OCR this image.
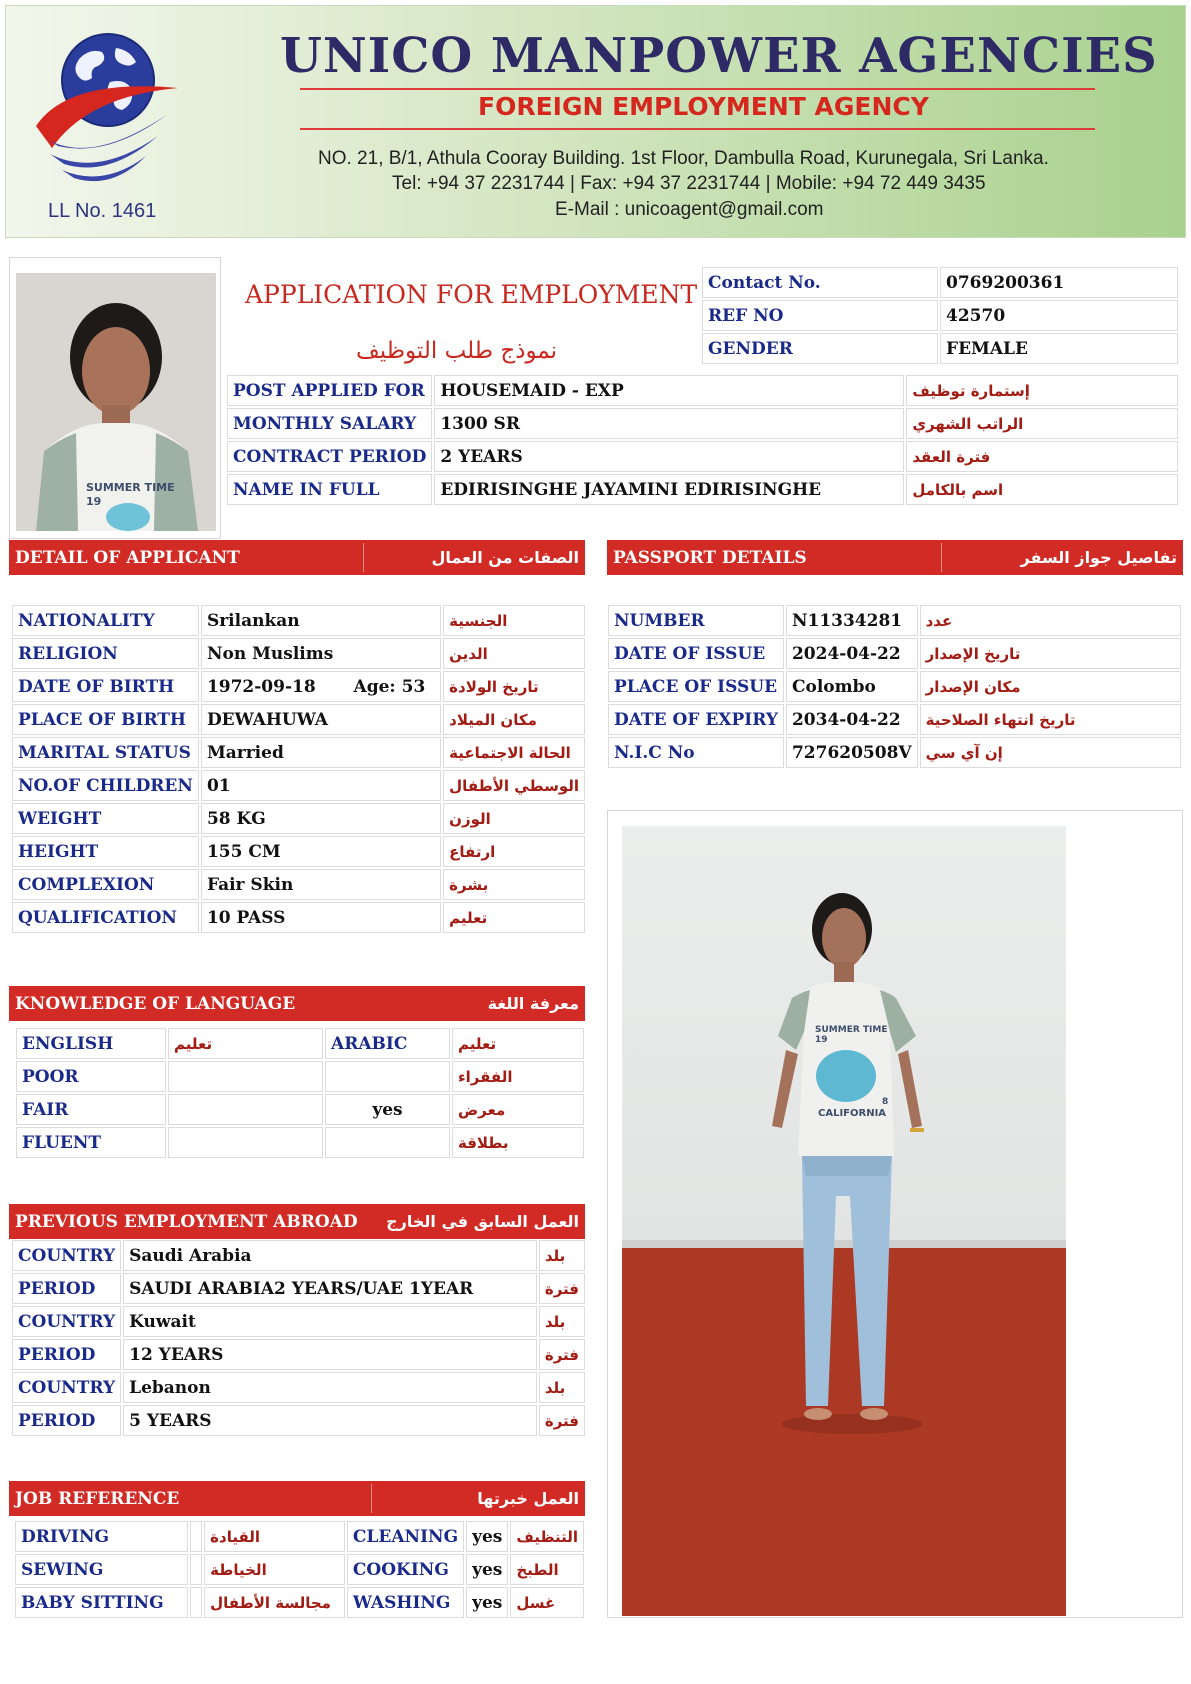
LL No. 1461
UNICO MANPOWER AGENCIES
FOREIGN EMPLOYMENT AGENCY
NO. 21, B/1, Athula Cooray Building. 1st Floor, Dambulla Road, Kurunegala, Sri Lanka.
Tel: +94 37 2231744 | Fax: +94 37 2231744 | Mobile: +94 72 449 3435
E-Mail : unicoagent@gmail.com
SUMMER TIME
19
APPLICATION FOR EMPLOYMENT
نموذج طلب التوظيف
Contact No.	0769200361
REF NO	42570
GENDER	FEMALE
POST APPLIED FOR	HOUSEMAID - EXP	إستمارة توظيف
MONTHLY SALARY	1300 SR	الراتب الشهري
CONTRACT PERIOD	2 YEARS	فترة العقد
NAME IN FULL	EDIRISINGHE JAYAMINI EDIRISINGHE	اسم بالكامل
DETAIL OF APPLICANT	الصفات من العمال
NATIONALITY	Srilankan	الجنسية
RELIGION	Non Muslims	الدين
DATE OF BIRTH	1972-09-18 Age: 53	تاريخ الولادة
PLACE OF BIRTH	DEWAHUWA	مكان الميلاد
MARITAL STATUS	Married	الحالة الاجتماعية
NO.OF CHILDREN	01	الوسطي الأطفال
WEIGHT	58 KG	الوزن
HEIGHT	155 CM	ارتفاع
COMPLEXION	Fair Skin	بشرة
QUALIFICATION	10 PASS	تعليم
PASSPORT DETAILS	تفاصيل جواز السفر
NUMBER	N11334281	عدد
DATE OF ISSUE	2024-04-22	تاريخ الإصدار
PLACE OF ISSUE	Colombo	مكان الإصدار
DATE OF EXPIRY	2034-04-22	تاريخ انتهاء الصلاحية
N.I.C No	727620508V	إن آي سي
SUMMER TIME
19
8
CALIFORNIA
KNOWLEDGE OF LANGUAGE	معرفة اللغة
ENGLISH	تعليم	ARABIC	تعليم
POOR			الفقراء
FAIR		yes	معرض
FLUENT			بطلاقة
PREVIOUS EMPLOYMENT ABROAD العمل السابق في الخارج
COUNTRY	Saudi Arabia	بلد
PERIOD	SAUDI ARABIA2 YEARS/UAE 1YEAR	فترة
COUNTRY	Kuwait	بلد
PERIOD	12 YEARS	فترة
COUNTRY	Lebanon	بلد
PERIOD	5 YEARS	فترة
JOB REFERENCE	العمل خبرتها
DRIVING		القيادة	CLEANING	yes	التنظيف
SEWING		الخياطة	COOKING	yes	الطبخ
BABY SITTING		مجالسة الأطفال	WASHING	yes	غسل
